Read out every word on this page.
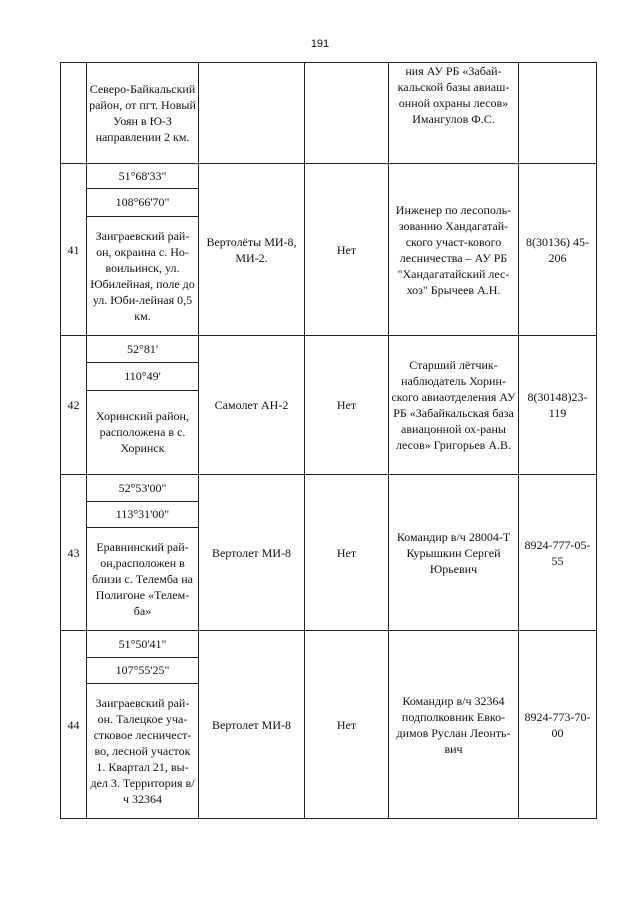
191
	Северо-Байкальский район, от пгт. Новый Уоян в Ю-З направлении 2 км.			ния АУ РБ «Забай-кальской базы авиаш-онной охраны лесов» Имангулов Ф.С.	
41	
51°68'33"
108°66'70"
Заиграевский рай-он, окраина с. Но-воильинск, ул. Юбилейная, поле до ул. Юби-лейная 0,5 км.
	Вертолёты МИ-8, МИ-2.	Нет	Инженер по лесополь-зованию Хандагатай-ского участ-кового лесничества – АУ РБ "Хандагатайский лес-хоз" Брычеев А.Н.	8(30136) 45-206
42	
52°81'
110°49'
Хоринский район, расположена в с. Хоринск
	Самолет АН-2	Нет	Старший лётчик-наблюдатель Хорин-ского авиаотделения АУ РБ «Забайкальская база авиацонной ох-раны лесов» Григорьев А.В.	8(30148)23-119
43	
52°53'00"
113°31'00"
Еравнинский рай-он,расположен в близи с. Телемба на Полигоне «Телем-ба»
	Вертолет МИ-8	Нет	Командир в/ч 28004-Т Курышкин Сергей Юрьевич	8924-777-05-55
44	
51°50'41"
107°55'25"
Заиграевский рай-он. Талецкое уча-стковое лесничест-во, лесной участок 1. Квартал 21, вы-дел 3. Территория в/ч 32364
	Вертолет МИ-8	Нет	Командир в/ч 32364 подполковник Евко-димов Руслан Леонть-вич	8924-773-70-00
